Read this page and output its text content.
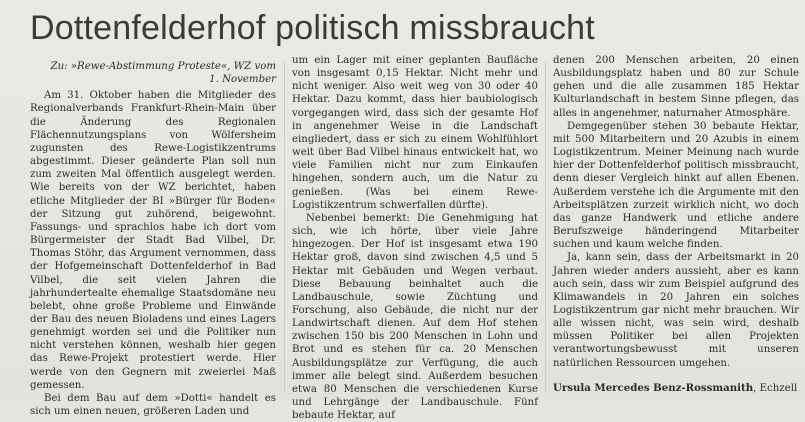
Dottenfelderhof politisch missbraucht

Zu: »Rewe-Abstimmung Proteste«, WZ vom 1. November

Am 31. Oktober haben die Mitglieder des Regionalverbands Frankfurt-Rhein-Main über die Änderung des Regionalen Flächennutzungsplans von Wölfersheim zugunsten des Rewe-Logistikzentrums abgestimmt. Dieser geänderte Plan soll nun zum zweiten Mal öffentlich ausgelegt werden. Wie bereits von der WZ berichtet, haben etliche Mitglieder der BI »Bürger für Boden« der Sitzung gut zuhörend, beigewohnt. Fassungs- und sprachlos habe ich dort vom Bürgermeister der Stadt Bad Vilbel, Dr. Thomas Stöhr, das Argument vernommen, dass der Hofgemeinschaft Dottenfelderhof in Bad Vilbel, die seit vielen Jahren die jahrhundertealte ehemalige Staatsdomäne neu belebt, ohne große Probleme und Einwände der Bau des neuen Bioladens und eines Lagers genehmigt worden sei und die Politiker nun nicht verstehen können, weshalb hier gegen das Rewe-Projekt protestiert werde. Hier werde von den Gegnern mit zweierlei Maß gemessen.

Bei dem Bau auf dem »Dotti« handelt es sich um einen neuen, größeren Laden und

um ein Lager mit einer geplanten Baufläche von insgesamt 0,15 Hektar. Nicht mehr und nicht weniger. Also weit weg von 30 oder 40 Hektar. Dazu kommt, dass hier baubiologisch vorgegangen wird, dass sich der gesamte Hof in angenehmer Weise in die Landschaft eingliedert, dass er sich zu einem Wohlfühlort weit über Bad Vilbel hinaus entwickelt hat, wo viele Familien nicht nur zum Einkaufen hingehen, sondern auch, um die Natur zu genießen. (Was bei einem Rewe-Logistikzentrum schwerfallen dürfte).

Nebenbei bemerkt: Die Genehmigung hat sich, wie ich hörte, über viele Jahre hingezogen. Der Hof ist insgesamt etwa 190 Hektar groß, davon sind zwischen 4,5 und 5 Hektar mit Gebäuden und Wegen verbaut. Diese Bebauung beinhaltet auch die Landbauschule, sowie Züchtung und Forschung, also Gebäude, die nicht nur der Landwirtschaft dienen. Auf dem Hof stehen zwischen 150 bis 200 Menschen in Lohn und Brot und es stehen für ca. 20 Menschen Ausbildungsplätze zur Verfügung, die auch immer alle belegt sind. Außerdem besuchen etwa 80 Menschen die verschiedenen Kurse und Lehrgänge der Landbauschule. Fünf bebaute Hektar, auf

denen 200 Menschen arbeiten, 20 einen Ausbildungsplatz haben und 80 zur Schule gehen und die alle zusammen 185 Hektar Kulturlandschaft in bestem Sinne pflegen, das alles in angenehmer, naturnaher Atmosphäre.

Demgegenüber stehen 30 bebaute Hektar, mit 500 Mitarbeitern und 20 Azubis in einem Logistikzentrum. Meiner Meinung nach wurde hier der Dottenfelderhof politisch missbraucht, denn dieser Vergleich hinkt auf allen Ebenen. Außerdem verstehe ich die Argumente mit den Arbeitsplätzen zurzeit wirklich nicht, wo doch das ganze Handwerk und etliche andere Berufszweige händeringend Mitarbeiter suchen und kaum welche finden.

Ja, kann sein, dass der Arbeitsmarkt in 20 Jahren wieder anders aussieht, aber es kann auch sein, dass wir zum Beispiel aufgrund des Klimawandels in 20 Jahren ein solches Logistikzentrum gar nicht mehr brauchen. Wir alle wissen nicht, was sein wird, deshalb müssen Politiker bei allen Projekten verantwortungsbewusst mit unseren natürlichen Ressourcen umgehen.

Ursula Mercedes Benz-Rossmanith, Echzell
